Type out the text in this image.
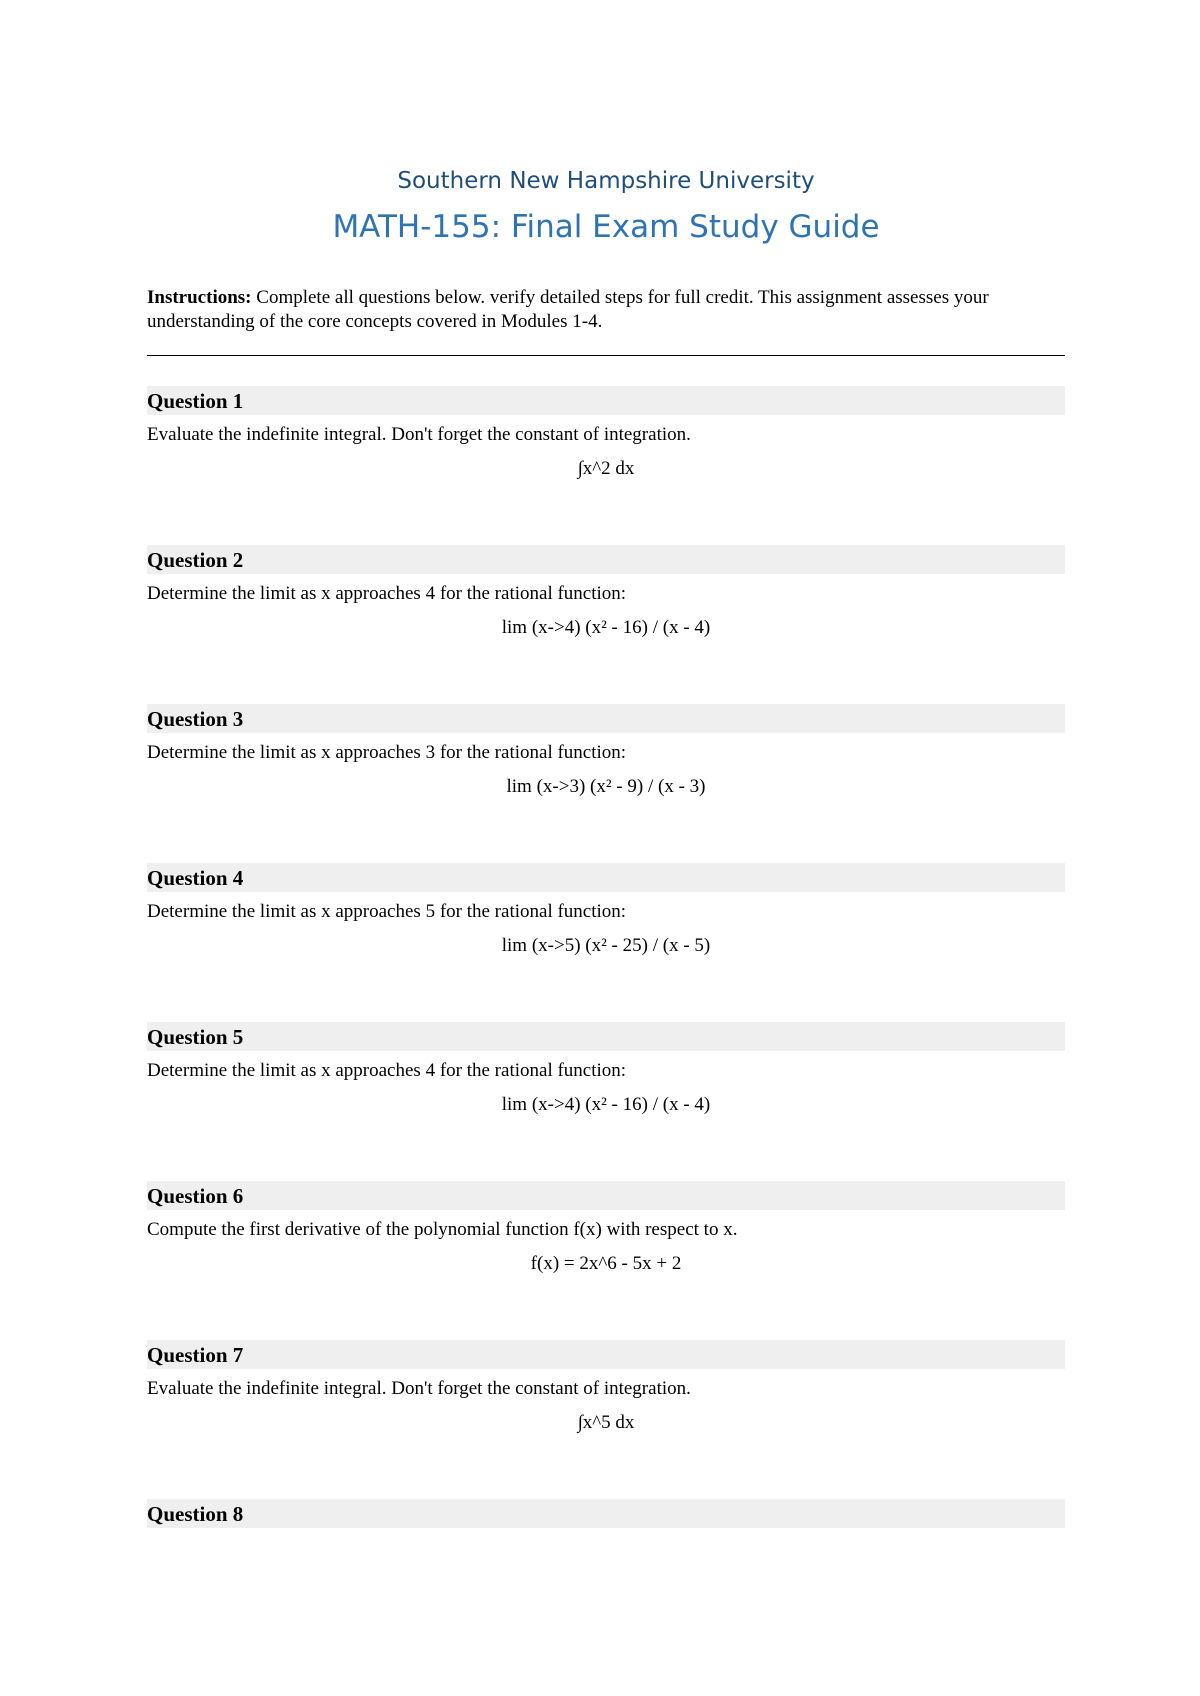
Southern New Hampshire University
MATH-155: Final Exam Study Guide
Instructions: Complete all questions below. verify detailed steps for full credit. This assignment assesses your understanding of the core concepts covered in Modules 1-4.
Question 1
Evaluate the indefinite integral. Don't forget the constant of integration.
∫x^2 dx
Question 2
Determine the limit as x approaches 4 for the rational function:
lim (x->4) (x² - 16) / (x - 4)
Question 3
Determine the limit as x approaches 3 for the rational function:
lim (x->3) (x² - 9) / (x - 3)
Question 4
Determine the limit as x approaches 5 for the rational function:
lim (x->5) (x² - 25) / (x - 5)
Question 5
Determine the limit as x approaches 4 for the rational function:
lim (x->4) (x² - 16) / (x - 4)
Question 6
Compute the first derivative of the polynomial function f(x) with respect to x.
f(x) = 2x^6 - 5x + 2
Question 7
Evaluate the indefinite integral. Don't forget the constant of integration.
∫x^5 dx
Question 8
